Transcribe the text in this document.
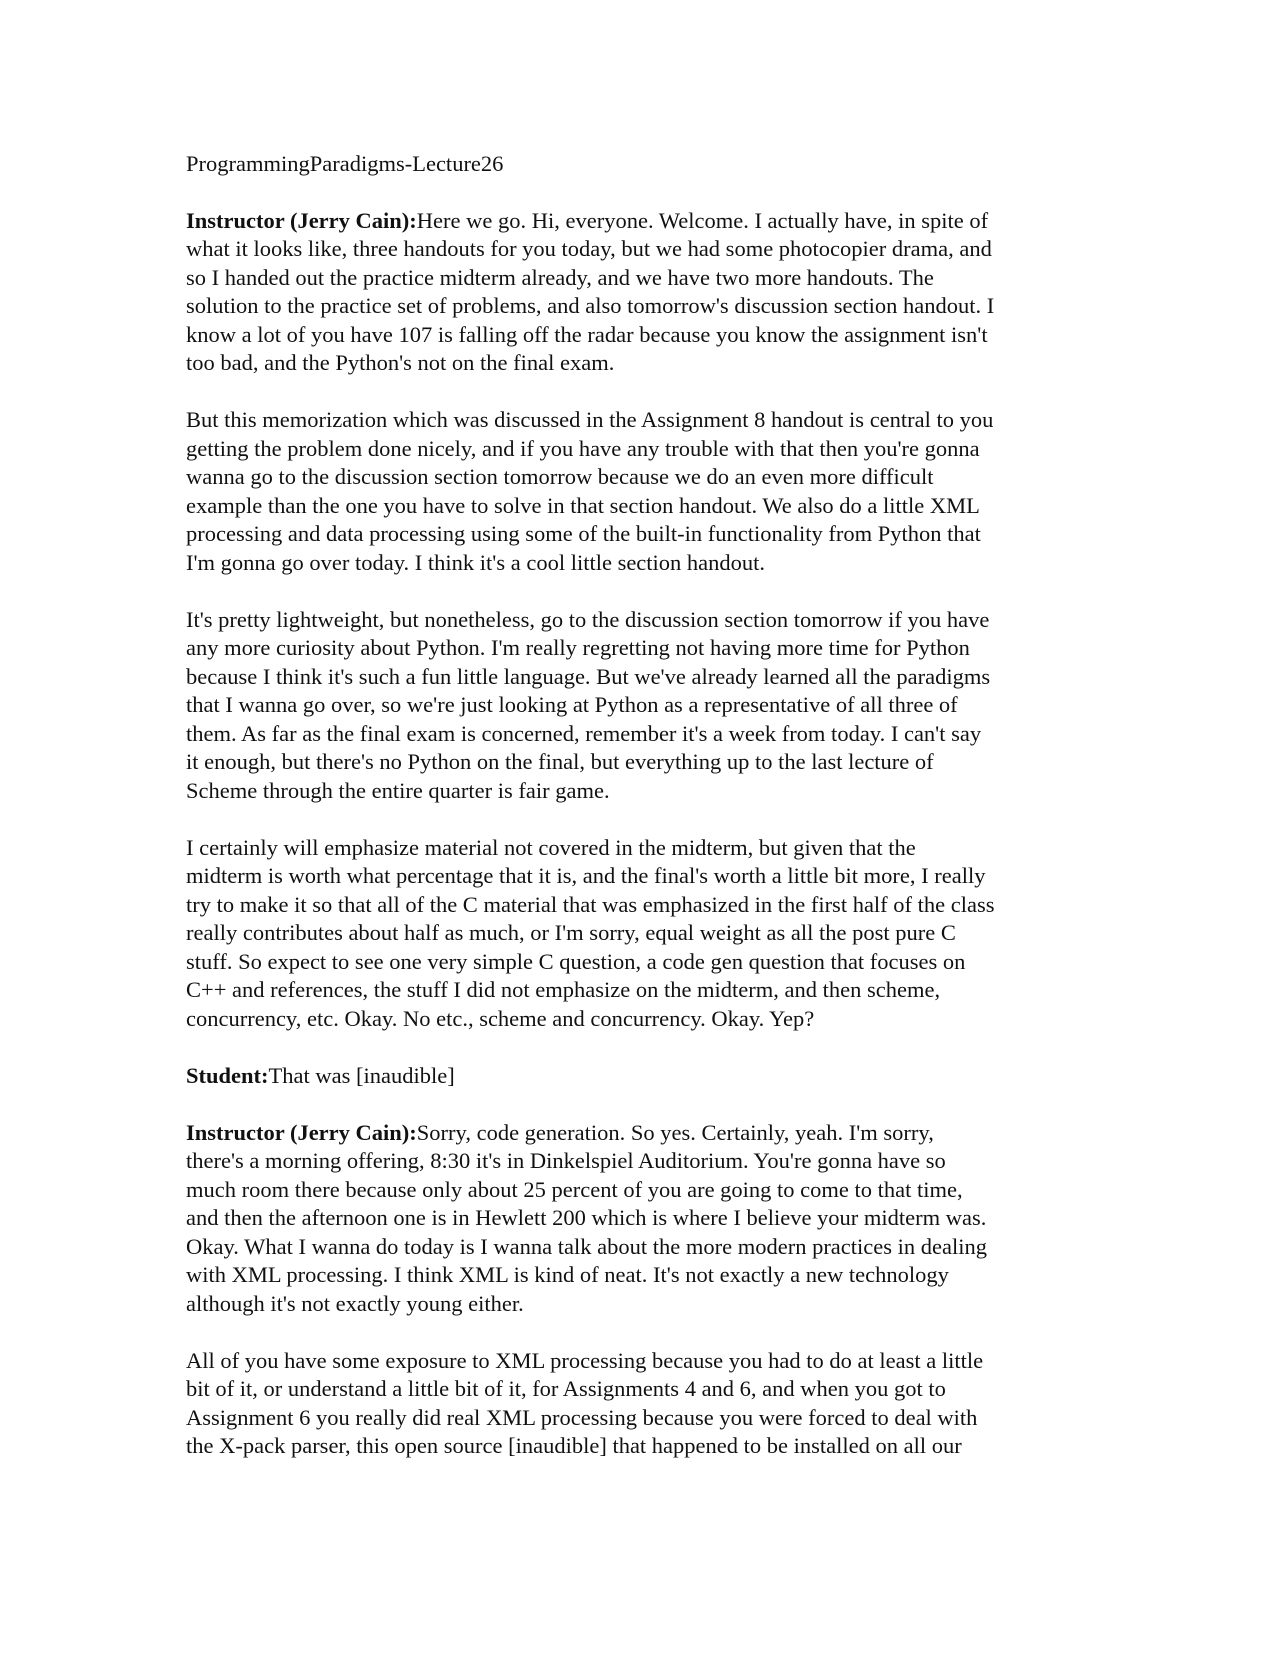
ProgrammingParadigms-Lecture26
Instructor (Jerry Cain):Here we go. Hi, everyone. Welcome. I actually have, in spite of
what it looks like, three handouts for you today, but we had some photocopier drama, and
so I handed out the practice midterm already, and we have two more handouts. The
solution to the practice set of problems, and also tomorrow's discussion section handout. I
know a lot of you have 107 is falling off the radar because you know the assignment isn't
too bad, and the Python's not on the final exam.
But this memorization which was discussed in the Assignment 8 handout is central to you
getting the problem done nicely, and if you have any trouble with that then you're gonna
wanna go to the discussion section tomorrow because we do an even more difficult
example than the one you have to solve in that section handout. We also do a little XML
processing and data processing using some of the built-in functionality from Python that
I'm gonna go over today. I think it's a cool little section handout.
It's pretty lightweight, but nonetheless, go to the discussion section tomorrow if you have
any more curiosity about Python. I'm really regretting not having more time for Python
because I think it's such a fun little language. But we've already learned all the paradigms
that I wanna go over, so we're just looking at Python as a representative of all three of
them. As far as the final exam is concerned, remember it's a week from today. I can't say
it enough, but there's no Python on the final, but everything up to the last lecture of
Scheme through the entire quarter is fair game.
I certainly will emphasize material not covered in the midterm, but given that the
midterm is worth what percentage that it is, and the final's worth a little bit more, I really
try to make it so that all of the C material that was emphasized in the first half of the class
really contributes about half as much, or I'm sorry, equal weight as all the post pure C
stuff. So expect to see one very simple C question, a code gen question that focuses on
C++ and references, the stuff I did not emphasize on the midterm, and then scheme,
concurrency, etc. Okay. No etc., scheme and concurrency. Okay. Yep?
Student:That was [inaudible]
Instructor (Jerry Cain):Sorry, code generation. So yes. Certainly, yeah. I'm sorry,
there's a morning offering, 8:30 it's in Dinkelspiel Auditorium. You're gonna have so
much room there because only about 25 percent of you are going to come to that time,
and then the afternoon one is in Hewlett 200 which is where I believe your midterm was.
Okay. What I wanna do today is I wanna talk about the more modern practices in dealing
with XML processing. I think XML is kind of neat. It's not exactly a new technology
although it's not exactly young either.
All of you have some exposure to XML processing because you had to do at least a little
bit of it, or understand a little bit of it, for Assignments 4 and 6, and when you got to
Assignment 6 you really did real XML processing because you were forced to deal with
the X-pack parser, this open source [inaudible] that happened to be installed on all our
